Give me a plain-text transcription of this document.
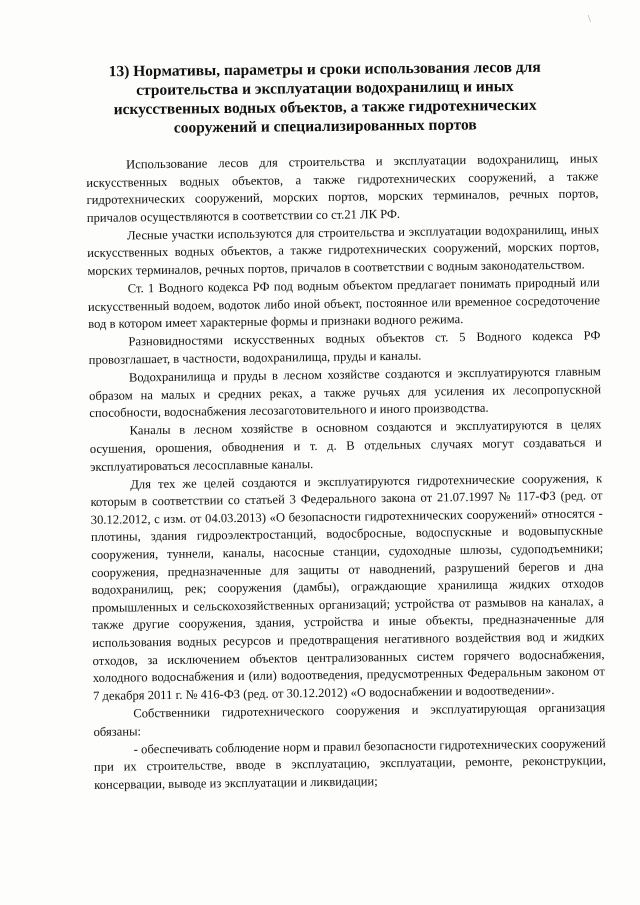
\
13) Нормативы, параметры и сроки использования лесов для строительства и эксплуатации водохранилищ и иных искусственных водных объектов, а также гидротехнических сооружений и специализированных портов

Использование лесов для строительства и эксплуатации водохранилищ, иных искусственных водных объектов, а также гидротехнических сооружений, а также гидротехнических сооружений, морских портов, морских терминалов, речных портов, причалов осуществляются в соответствии со ст.21 ЛК РФ.

Лесные участки используются для строительства и эксплуатации водохранилищ, иных искусственных водных объектов, а также гидротехнических сооружений, морских портов, морских терминалов, речных портов, причалов в соответствии с водным законодательством.

Ст. 1 Водного кодекса РФ под водным объектом предлагает понимать природный или искусственный водоем, водоток либо иной объект, постоянное или временное сосредоточение вод в котором имеет характерные формы и признаки водного режима.

Разновидностями искусственных водных объектов ст. 5 Водного кодекса РФ провозглашает, в частности, водохранилища, пруды и каналы.

Водохранилища и пруды в лесном хозяйстве создаются и эксплуатируются главным образом на малых и средних реках, а также ручьях для усиления их лесопропускной способности, водоснабжения лесозаготовительного и иного производства.

Каналы в лесном хозяйстве в основном создаются и эксплуатируются в целях осушения, орошения, обводнения и т. д. В отдельных случаях могут создаваться и эксплуатироваться лесосплавные каналы.

Для тех же целей создаются и эксплуатируются гидротехнические сооружения, к которым в соответствии со статьей 3 Федерального закона от 21.07.1997 № 117-ФЗ (ред. от 30.12.2012, с изм. от 04.03.2013) «О безопасности гидротехнических сооружений» относятся - плотины, здания гидроэлектростанций, водосбросные, водоспускные и водовыпускные сооружения, туннели, каналы, насосные станции, судоходные шлюзы, судоподъемники; сооружения, предназначенные для защиты от наводнений, разрушений берегов и дна водохранилищ, рек; сооружения (дамбы), ограждающие хранилища жидких отходов промышленных и сельскохозяйственных организаций; устройства от размывов на каналах, а также другие сооружения, здания, устройства и иные объекты, предназначенные для использования водных ресурсов и предотвращения негативного воздействия вод и жидких отходов, за исключением объектов централизованных систем горячего водоснабжения, холодного водоснабжения и (или) водоотведения, предусмотренных Федеральным законом от 7 декабря 2011 г. № 416-ФЗ (ред. от 30.12.2012) «О водоснабжении и водоотведении».

Собственники гидротехнического сооружения и эксплуатирующая организация обязаны:

- обеспечивать соблюдение норм и правил безопасности гидротехнических сооружений при их строительстве, вводе в эксплуатацию, эксплуатации, ремонте, реконструкции, консервации, выводе из эксплуатации и ликвидации;
